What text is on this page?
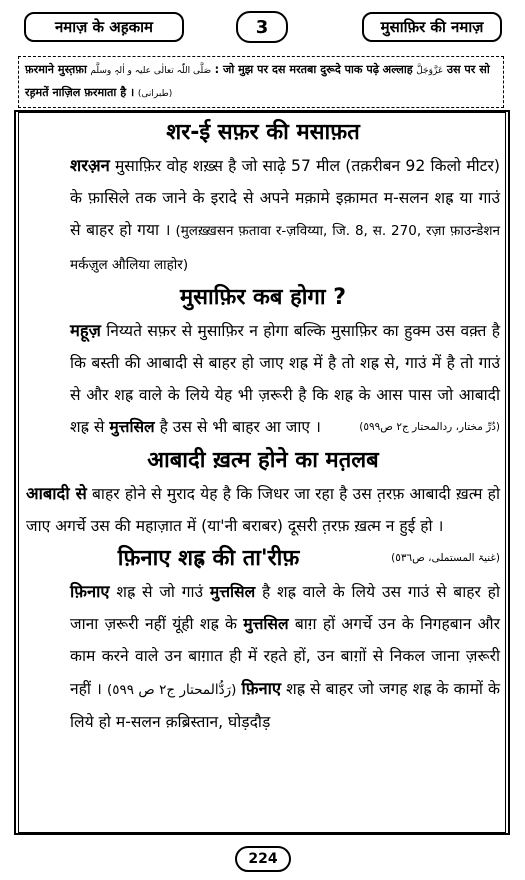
नमाज़ के अह़काम	3	मुसाफ़िर की नमाज़
फ़रमाने मुस्त़फ़ा صَلَّی اللّٰہ تعالٰی علیہ و اٰلہٖ وسلَّم : जो मुझ पर दस मरतबा दुरूदे पाक पढ़े अल्लाह عَزَّوَجَلَّ उस पर सो
रह़मतें नाज़िल फ़रमाता है । (طبرانی)
शर-ई सफ़र की मसाफ़त

शरअ़न मुसाफ़िर वोह शख़्स है जो साढ़े 57 मील (तक़रीबन 92 किलो मीटर) के फ़ासिले तक जाने के इरादे से अपने मक़ामे इक़ामत म-सलन शह्र या गाउं से बाहर हो गया । (मुलख़्ख़सन फ़तावा र-ज़विय्या, जि. 8, स. 270, रज़ा फ़ाउन्डेशन मर्कज़ुल औलिया लाहोर)

मुसाफ़िर कब होगा ?

महूज़ निय्यते सफ़र से मुसाफ़िर न होगा बल्कि मुसाफ़िर का हुक्म उस वक़्त है कि बस्ती की आबादी से बाहर हो जाए शह्र में है तो शह्र से, गाउं में है तो गाउं से और शह्र वाले के लिये येह भी ज़रूरी है कि शह्र के आस पास जो आबादी शह्र से मुत्तसिल है उस से भी बाहर आ जाए ।	(دُرِّ مختار، ردالمحتار ج٢ ص٥٩٩)

आबादी ख़त्म होने का मत़लब

आबादी से बाहर होने से मुराद येह है कि जिधर जा रहा है उस त़रफ़ आबादी ख़त्म हो जाए अगर्चे उस की महाज़ात में (या'नी बराबर) दूसरी त़रफ़ ख़त्म न हुई हो ।
(غنیۃ المستملی، ص٥٣٦)

फ़िनाए शह्र की ता'रीफ़

फ़िनाए शह्र से जो गाउं मुत्तसिल है शह्र वाले के लिये उस गाउं से बाहर हो जाना ज़रूरी नहीं यूंही शह्र के मुत्तसिल बाग़ हों अगर्चे उन के निगहबान और काम करने वाले उन बाग़ात ही में रहते हों, उन बाग़ों से निकल जाना ज़रूरी नहीं । (رَدُّالمحتار ج٢ ص ٥٩٩) फ़िनाए शह्र से बाहर जो जगह शह्र के कामों के लिये हो म-सलन क़ब्रिस्तान, घोड़दौड़

224
